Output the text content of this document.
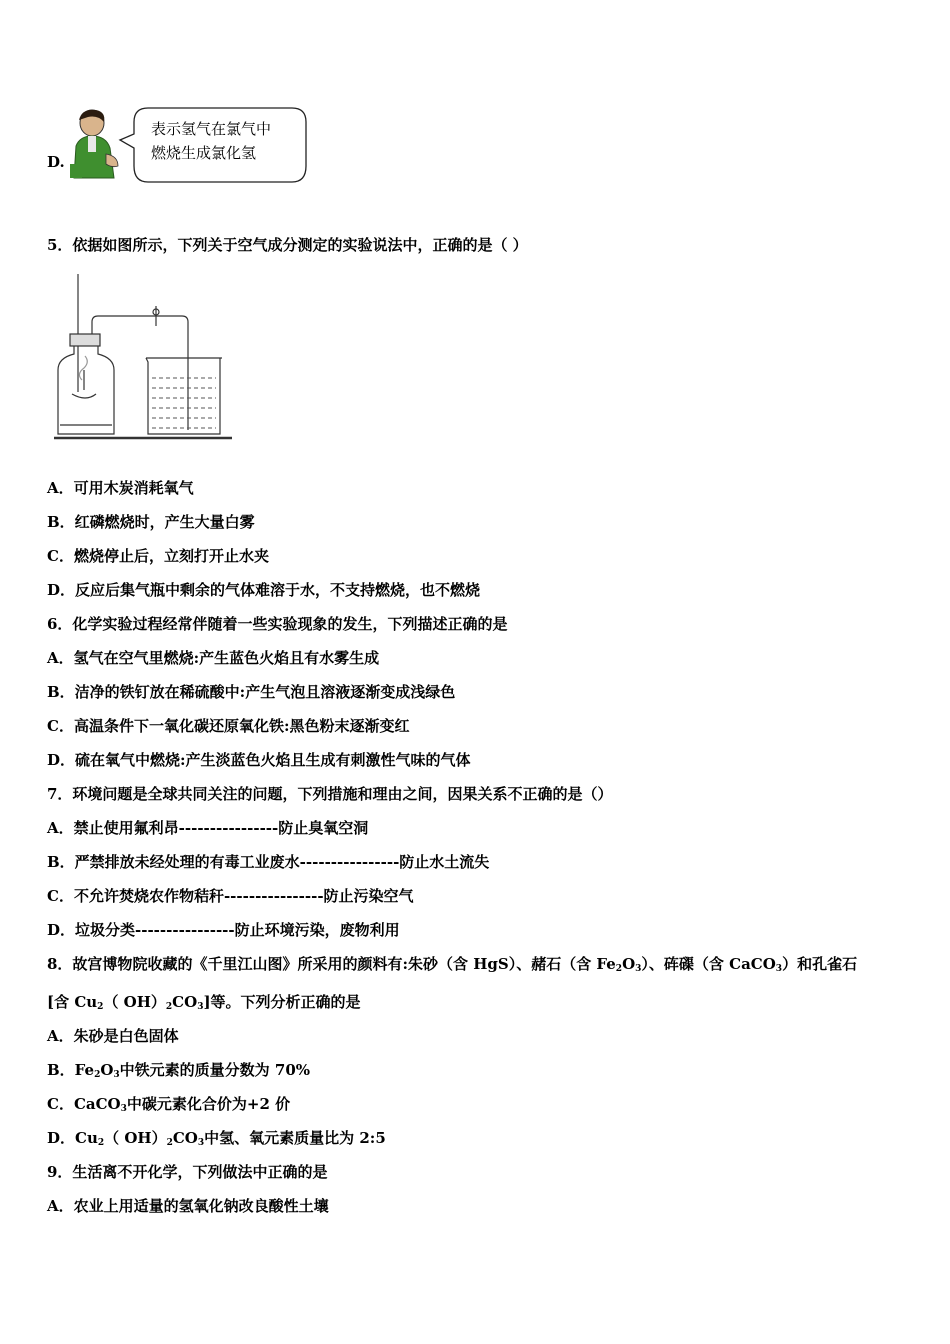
D.
表示氢气在氯气中
燃烧生成氯化氢
5．依据如图所示，下列关于空气成分测定的实验说法中，正确的是（ ）
A．可用木炭消耗氧气
B．红磷燃烧时，产生大量白雾
C．燃烧停止后，立刻打开止水夹
D．反应后集气瓶中剩余的气体难溶于水，不支持燃烧，也不燃烧
6．化学实验过程经常伴随着一些实验现象的发生，下列描述正确的是
A．氢气在空气里燃烧:产生蓝色火焰且有水雾生成
B．洁净的铁钉放在稀硫酸中:产生气泡且溶液逐渐变成浅绿色
C．高温条件下一氧化碳还原氧化铁:黑色粉末逐渐变红
D．硫在氧气中燃烧:产生淡蓝色火焰且生成有刺激性气味的气体
7．环境问题是全球共同关注的问题，下列措施和理由之间，因果关系不正确的是（）
A．禁止使用氟利昂----------------防止臭氧空洞
B．严禁排放未经处理的有毒工业废水----------------防止水土流失
C．不允许焚烧农作物秸秆----------------防止污染空气
D．垃圾分类----------------防止环境污染，废物利用
8．故宫博物院收藏的《千里江山图》所采用的颜料有:朱砂（含 HgS）、赭石（含 $Fe_2O_3$）、砗磲（含 CaCO$_3$）和孔雀石
[含 $Cu_2$（ $OH)_2CO_3$]等。下列分析正确的是
A．朱砂是白色固体
B．$Fe_2O_3$中铁元素的质量分数为 70%
C．CaCO$_3$中碳元素化合价为+2 价
D．$Cu_2$（ $OH)_2CO_3$中氢、氧元素质量比为 2:5
9．生活离不开化学，下列做法中正确的是
A．农业上用适量的氢氧化钠改良酸性土壤
